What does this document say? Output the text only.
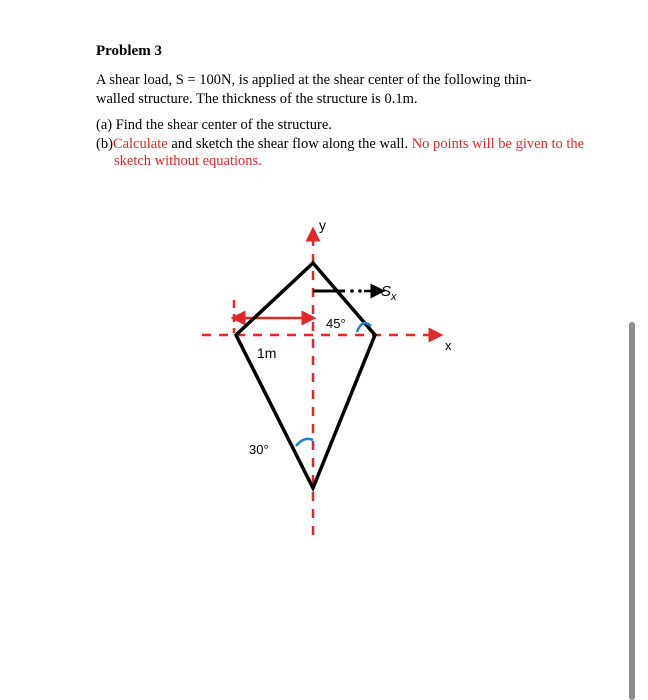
Problem 3

A shear load, S = 100N, is applied at the shear center of the following thin-walled structure. The thickness of the structure is 0.1m.

(a) Find the shear center of the structure.

(b)Calculate and sketch the shear flow along the wall. No points will be given to the sketch without equations.

$S_x$
45°
30°
1m
y
x
